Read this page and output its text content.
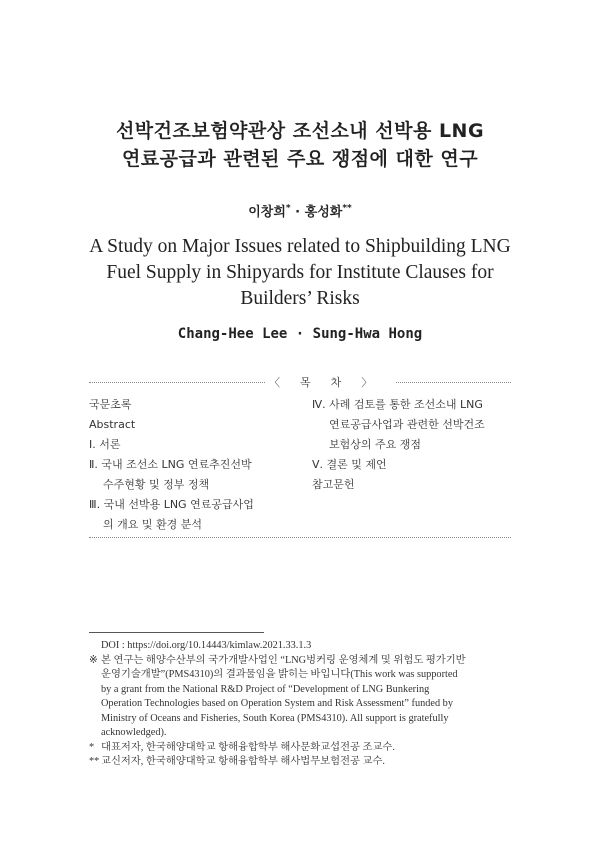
선박건조보험약관상 조선소내 선박용 LNG
연료공급과 관련된 주요 쟁점에 대한 연구
이창희* · 홍성화**
A Study on Major Issues related to Shipbuilding LNG
Fuel Supply in Shipyards for Institute Clauses for
Builders’ Risks
Chang-Hee Lee · Sung-Hwa Hong
〈목차〉
국문초록
Abstract
Ⅰ. 서론
Ⅱ. 국내 조선소 LNG 연료추진선박
수주현황 및 정부 정책
Ⅲ. 국내 선박용 LNG 연료공급사업
의 개요 및 환경 분석
Ⅳ. 사례 검토를 통한 조선소내 LNG
연료공급사업과 관련한 선박건조
보험상의 주요 쟁점
Ⅴ. 결론 및 제언
참고문헌
DOI : https://doi.org/10.14443/kimlaw.2021.33.1.3
※ 본 연구는 해양수산부의 국가개발사업인 “LNG벙커링 운영체계 및 위험도 평가기반
운영기술개발”(PMS4310)의 결과물임을 밝히는 바입니다(This work was supported
by a grant from the National R&D Project of “Development of LNG Bunkering
Operation Technologies based on Operation System and Risk Assessment” funded by
Ministry of Oceans and Fisheries, South Korea (PMS4310). All support is gratefully
acknowledged).
* 대표저자, 한국해양대학교 항해융합학부 해사문화교섭전공 조교수.
** 교신저자, 한국해양대학교 항해융합학부 해사법무보험전공 교수.
